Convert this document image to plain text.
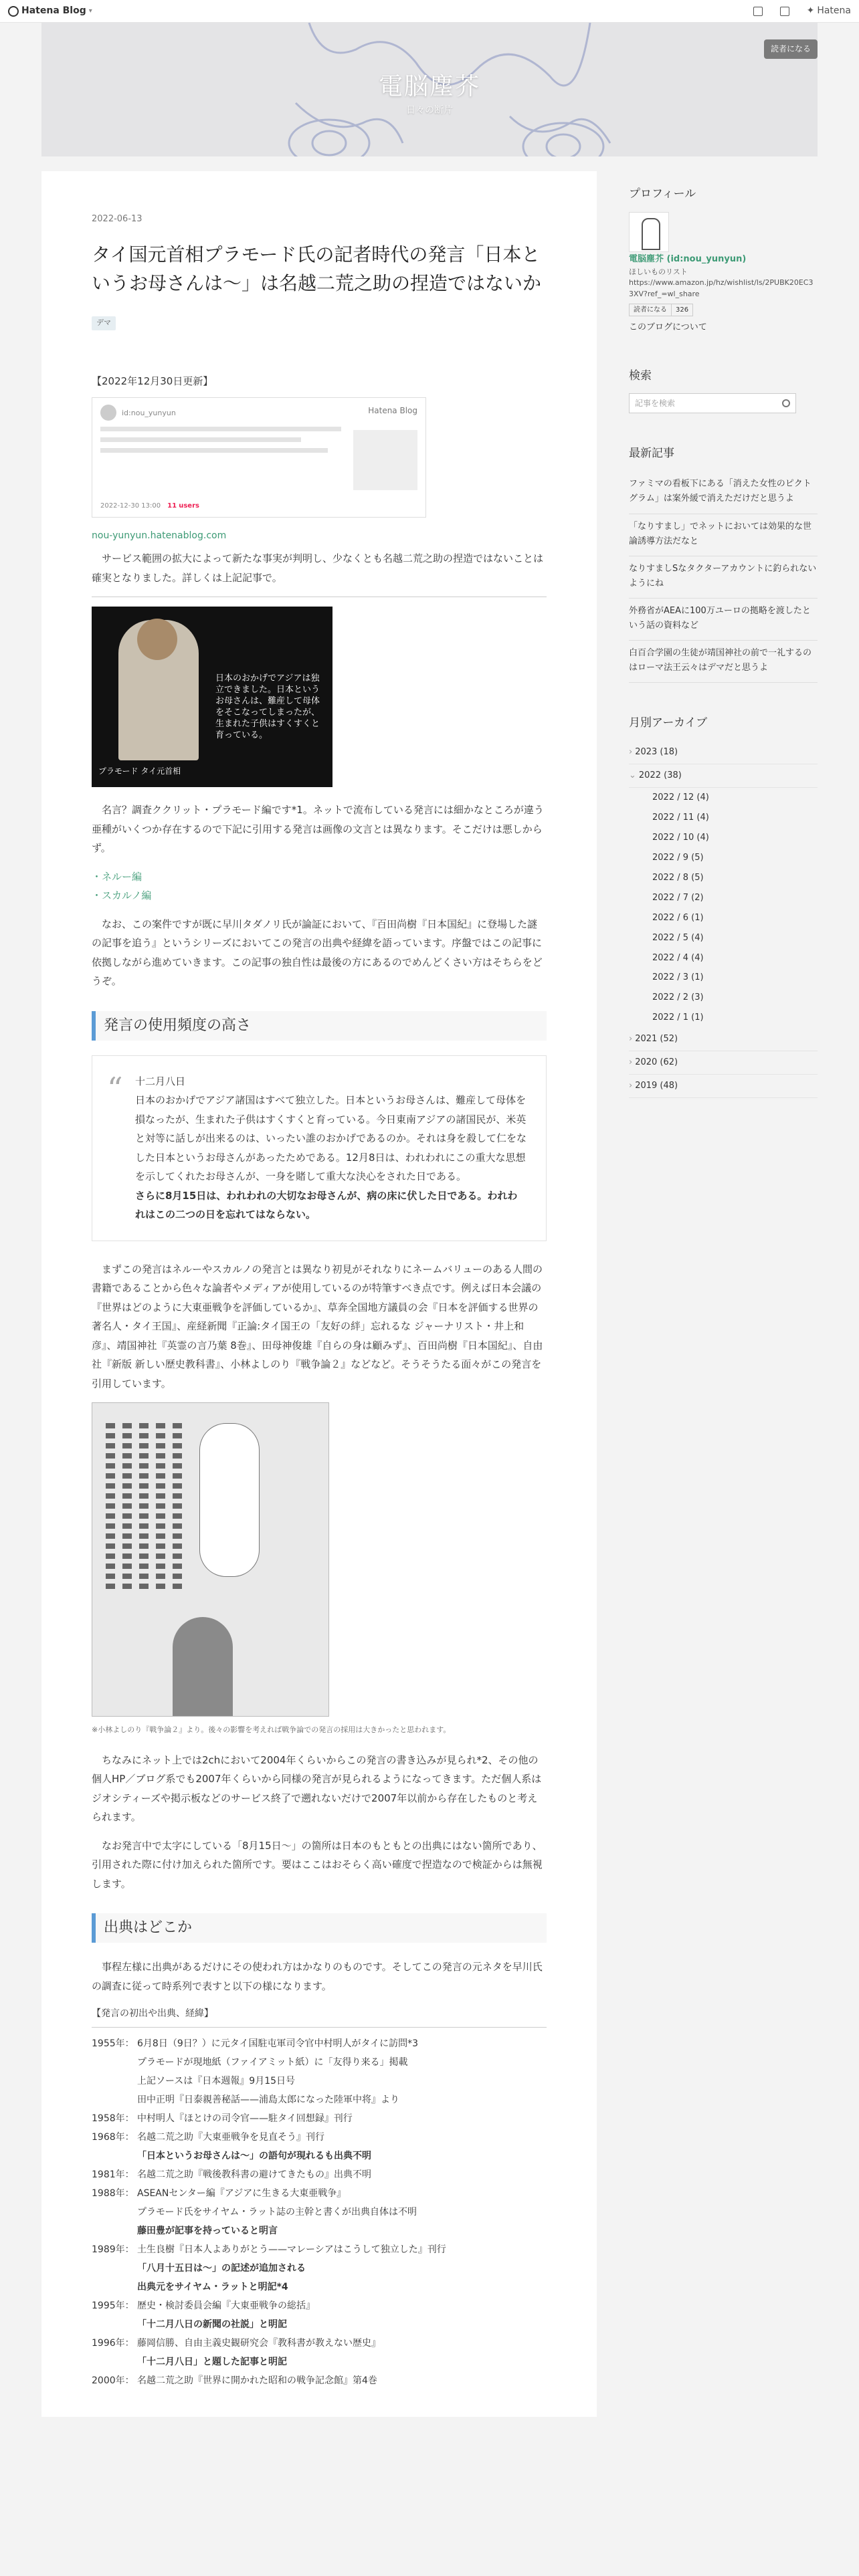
Hatena Blog ▾	✦ Hatena
電脳塵芥
日々の断片
読者になる
2022-06-13
タイ国元首相プラモード氏の記者時代の発言「日本というお母さんは〜」は名越二荒之助の捏造ではないか
デマ
【2022年12月30日更新】
id:nou_yunyun	Hatena Blog
2022-12-30 13:00　 11 users
nou-yunyun.hatenablog.com

サービス範囲の拡大によって新たな事実が判明し、少なくとも名越二荒之助の捏造ではないことは確実となりました。詳しくは上記記事で。

日本のおかげでアジアは独立できました。日本というお母さんは、難産して母体をそこなってしまったが、生まれた子供はすくすくと育っている。
プラモード タイ元首相

名言？調査ククリット・プラモード編です*1。ネットで流布している発言には細かなところが違う亜種がいくつか存在するので下記に引用する発言は画像の文言とは異なります。そこだけは悪しからず。

・ネルー編
・スカルノ編

なお、この案件ですが既に早川タダノリ氏が論証において、『百田尚樹『日本国紀』に登場した謎の記事を追う』というシリーズにおいてこの発言の出典や経緯を語っています。序盤ではこの記事に依拠しながら進めていきます。この記事の独自性は最後の方にあるのでめんどくさい方はそちらをどうぞ。

発言の使用頻度の高さ
“ 十二月八日

日本のおかげでアジア諸国はすべて独立した。日本というお母さんは、難産して母体を損なったが、生まれた子供はすくすくと育っている。今日東南アジアの諸国民が、米英と対等に話しが出来るのは、いったい誰のおかげであるのか。それは身を殺して仁をなした日本というお母さんがあったためである。12月8日は、われわれにこの重大な思想を示してくれたお母さんが、一身を賭して重大な決心をされた日である。

さらに8月15日は、われわれの大切なお母さんが、病の床に伏した日である。われわれはこの二つの日を忘れてはならない。

まずこの発言はネルーやスカルノの発言とは異なり初見がそれなりにネームバリューのある人間の書籍であることから色々な論者やメディアが使用しているのが特筆すべき点です。例えば日本会議の『世界はどのように大東亜戦争を評価しているか』、草奔全国地方議員の会『日本を評価する世界の著名人・タイ王国』、産経新聞『正論:タイ国王の「友好の絆」忘れるな ジャーナリスト・井上和彦』、靖国神社『英霊の言乃葉 8巻』、田母神俊雄『自らの身は顧みず』、百田尚樹『日本国紀』、自由社『新版 新しい歴史教科書』、小林よしのり『戦争論２』などなど。そうそうたる面々がこの発言を引用しています。

※小林よしのり『戦争論２』より。後々の影響を考えれば戦争論での発言の採用は大きかったと思われます。

ちなみにネット上では2chにおいて2004年くらいからこの発言の書き込みが見られ*2、その他の個人HP／ブログ系でも2007年くらいから同様の発言が見られるようになってきます。ただ個人系はジオシティーズや掲示板などのサービス終了で遡れないだけで2007年以前から存在したものと考えられます。

なお発言中で太字にしている「8月15日〜」の箇所は日本のもともとの出典にはない箇所であり、引用された際に付け加えられた箇所です。要はここはおそらく高い確度で捏造なので検証からは無視します。

出典はどこか

事程左様に出典があるだけにその使われ方はかなりのものです。そしてこの発言の元ネタを早川氏の調査に従って時系列で表すと以下の様になります。

【発言の初出や出典、経緯】
1955年： 6月8日（9日？）に元タイ国駐屯軍司令官中村明人がタイに訪問*3
プラモードが現地紙（ファイアミット紙）に「友得り来る」掲載
上記ソースは『日本週報』9月15日号
田中正明『日泰親善秘話——浦島太郎になった陸軍中将』より
1958年： 中村明人『ほとけの司令官——駐タイ回想録』刊行
1968年： 名越二荒之助『大東亜戦争を見直そう』刊行
「日本というお母さんは〜」の語句が現れるも出典不明
1981年： 名越二荒之助『戦後教科書の避けてきたもの』出典不明
1988年： ASEANセンター編『アジアに生きる大東亜戦争』
プラモード氏をサイヤム・ラット誌の主幹と書くが出典自体は不明
藤田豊が記事を持っていると明言
1989年： 土生良樹『日本人よありがとう——マレーシアはこうして独立した』刊行
「八月十五日は〜」の記述が追加される
出典元をサイヤム・ラットと明記*4
1995年： 歴史・検討委員会編『大東亜戦争の総括』
「十二月八日の新聞の社説」と明記
1996年： 藤岡信勝、自由主義史観研究会『教科書が教えない歴史』
「十二月八日」と題した記事と明記
2000年： 名越二荒之助『世界に開かれた昭和の戦争記念館』第4巻
プロフィール
電脳塵芥 (id:nou_yunyun)
ほしいものリスト
https://www.amazon.jp/hz/wishlist/ls/2PUBK20EC33XV?ref_=wl_share
読者になる	326
このブログについて
検索
記事を検索
最新記事
ファミマの看板下にある「消えた女性のピクトグラム」は案外緩で消えただけだと思うよ
「なりすまし」でネットにおいては効果的な世論誘導方法だなと
なりすましSなタクターアカウントに釣られないようにね
外務省がAEAに100万ユーロの拠略を渡したという話の資料など
白百合学園の生徒が靖国神社の前で一礼するのはローマ法王云々はデマだと思うよ
月別アーカイブ
› 2023 (18)
⌄ 2022 (38)
2022 / 12 (4)
2022 / 11 (4)
2022 / 10 (4)
2022 / 9 (5)
2022 / 8 (5)
2022 / 7 (2)
2022 / 6 (1)
2022 / 5 (4)
2022 / 4 (4)
2022 / 3 (1)
2022 / 2 (3)
2022 / 1 (1)
› 2021 (52)
› 2020 (62)
› 2019 (48)
